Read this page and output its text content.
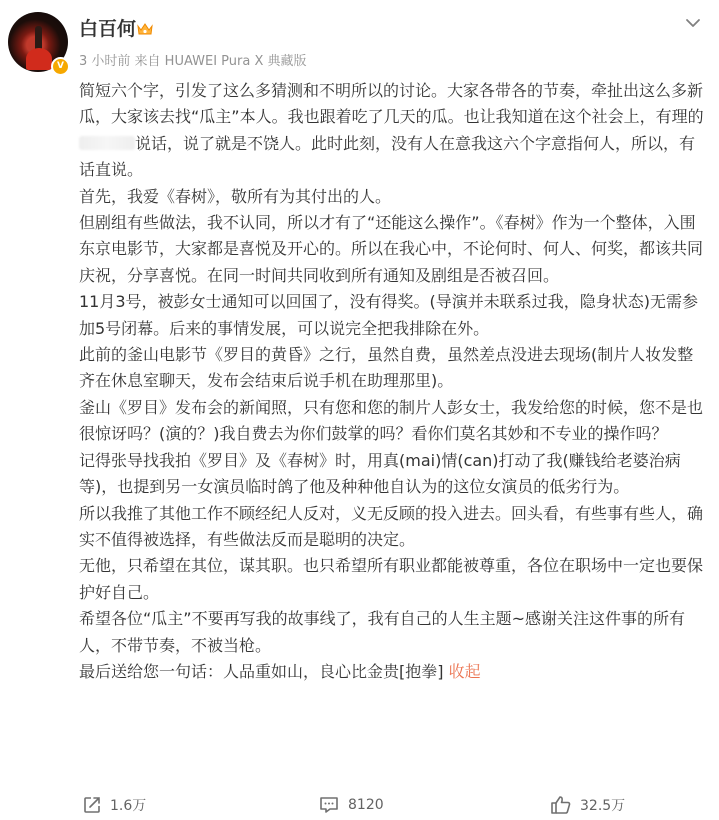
V
白百何
3 小时前 来自 HUAWEI Pura X 典藏版

简短六个字，引发了这么多猜测和不明所以的讨论。大家各带各的节奏，牵扯出这么多新瓜，大家该去找“瓜主”本人。我也跟着吃了几天的瓜。也让我知道在这个社会上，有理的说话，说了就是不饶人。此时此刻，没有人在意我这六个字意指何人，所以，有话直说。

首先，我爱《春树》，敬所有为其付出的人。

但剧组有些做法，我不认同，所以才有了“还能这么操作”。《春树》作为一个整体，入围东京电影节，大家都是喜悦及开心的。所以在我心中，不论何时、何人、何奖，都该共同庆祝，分享喜悦。在同一时间共同收到所有通知及剧组是否被召回。

11月3号，被彭女士通知可以回国了，没有得奖。(导演并未联系过我，隐身状态)无需参加5号闭幕。后来的事情发展，可以说完全把我排除在外。

此前的釜山电影节《罗目的黄昏》之行，虽然自费，虽然差点没进去现场(制片人妆发整齐在休息室聊天，发布会结束后说手机在助理那里)。

釜山《罗目》发布会的新闻照，只有您和您的制片人彭女士，我发给您的时候，您不是也很惊讶吗？(演的？)我自费去为你们鼓掌的吗？看你们莫名其妙和不专业的操作吗？

记得张导找我拍《罗目》及《春树》时，用真(mai)情(can)打动了我(赚钱给老婆治病等)，也提到另一女演员临时鸽了他及种种他自认为的这位女演员的低劣行为。

所以我推了其他工作不顾经纪人反对，义无反顾的投入进去。回头看，有些事有些人，确实不值得被选择，有些做法反而是聪明的决定。

无他，只希望在其位，谋其职。也只希望所有职业都能被尊重，各位在职场中一定也要保护好自己。

希望各位“瓜主”不要再写我的故事线了，我有自己的人生主题~感谢关注这件事的所有人，不带节奏，不被当枪。

最后送给您一句话：人品重如山，良心比金贵[抱拳] 收起

1.6万	8120	32.5万
